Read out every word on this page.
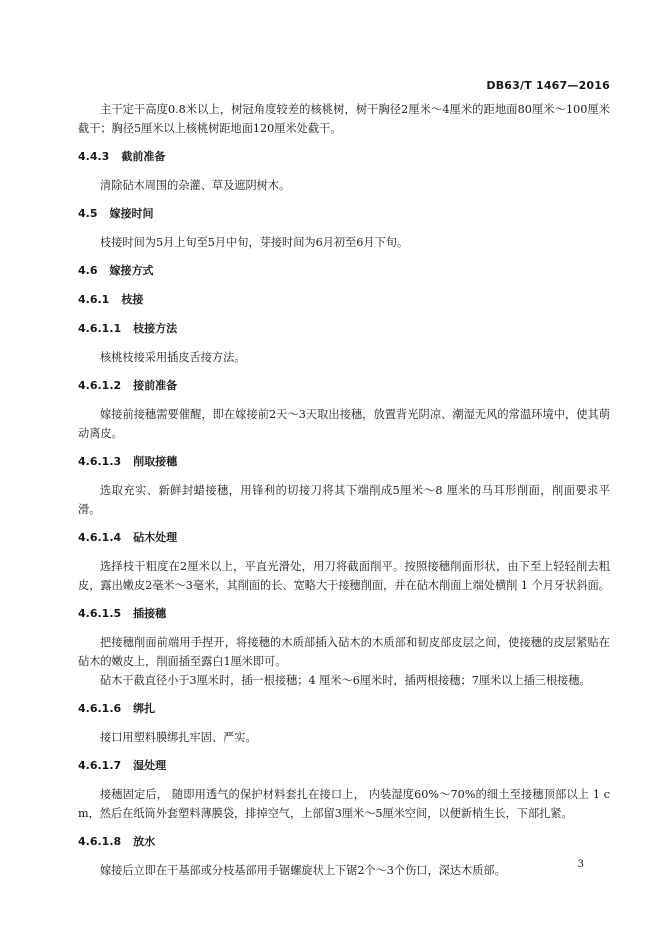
DB63/T 1467—2016

主干定干高度0.8米以上，树冠角度较差的核桃树，树干胸径2厘米～4厘米的距地面80厘米～100厘米截干；胸径5厘米以上核桃树距地面120厘米处截干。

4.4.3 截前准备

清除砧木周围的杂灌、草及遮阴树木。

4.5 嫁接时间

枝接时间为5月上旬至5月中旬，芽接时间为6月初至6月下旬。

4.6 嫁接方式
4.6.1 枝接
4.6.1.1 枝接方法

核桃枝接采用插皮舌接方法。

4.6.1.2 接前准备

嫁接前接穗需要催醒，即在嫁接前2天～3天取出接穗，放置背光阴凉、潮湿无风的常温环境中，使其萌动离皮。

4.6.1.3 削取接穗

选取充实、新鲜封蜡接穗，用锋利的切接刀将其下端削成5厘米～8 厘米的马耳形削面，削面要求平滑。

4.6.1.4 砧木处理

选择枝干粗度在2厘米以上，平直光滑处，用刀将截面削平。按照接穗削面形状，由下至上轻轻削去粗皮，露出嫩皮2毫米～3毫米，其削面的长、宽略大于接穗削面，并在砧木削面上端处横削 1 个月牙状斜面。

4.6.1.5 插接穗

把接穗削面前端用手捏开，将接穗的木质部插入砧木的木质部和韧皮部皮层之间，使接穗的皮层紧贴在砧木的嫩皮上，削面插至露白1厘米即可。

砧木干截直径小于3厘米时，插一根接穗；4 厘米～6厘米时，插两根接穗；7厘米以上插三根接穗。

4.6.1.6 绑扎

接口用塑料膜绑扎牢固、严实。

4.6.1.7 湿处理

接穗固定后， 随即用透气的保护材料套扎在接口上， 内装湿度60%～70%的细土至接穗顶部以上 1 cm，然后在纸筒外套塑料薄膜袋，排掉空气，上部留3厘米～5厘米空间，以便新梢生长，下部扎紧。

4.6.1.8 放水

嫁接后立即在干基部或分枝基部用手锯螺旋状上下锯2个～3个伤口，深达木质部。	3
